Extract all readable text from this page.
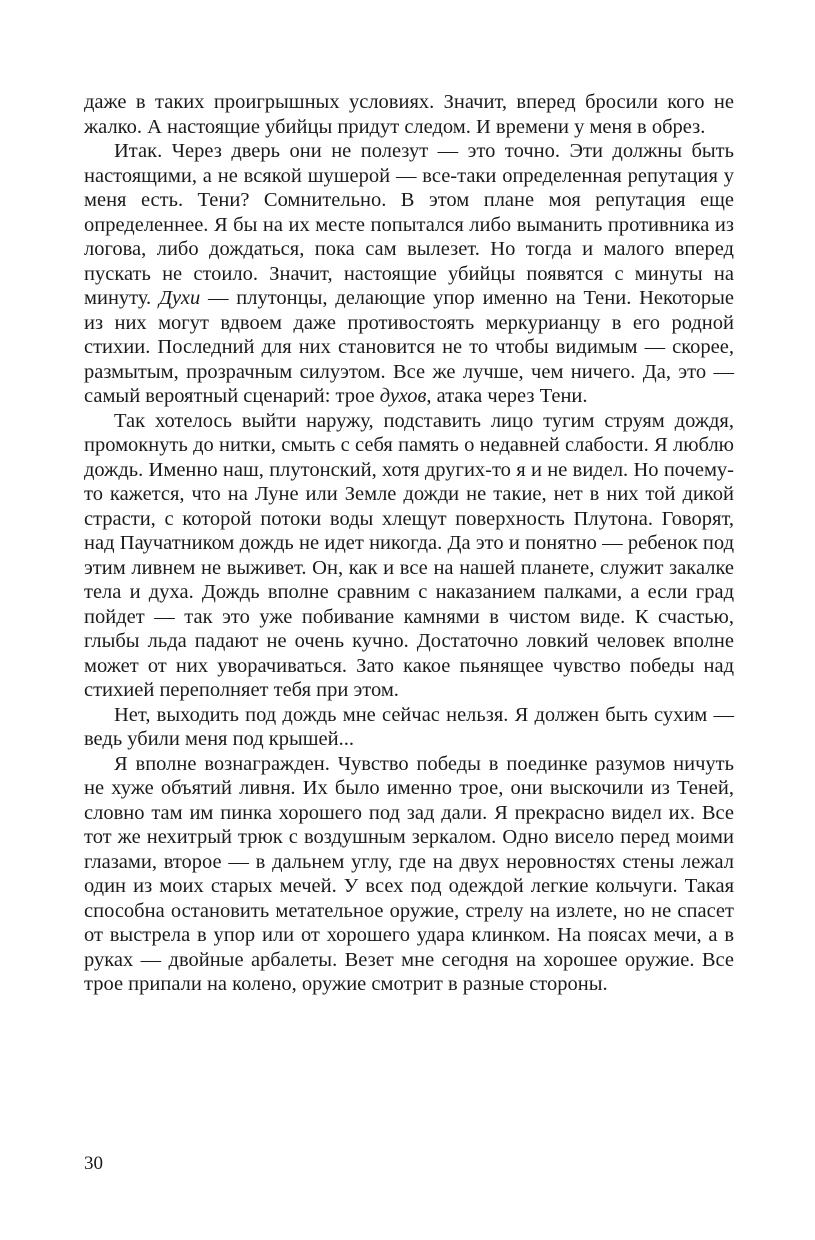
даже в таких проигрышных условиях. Значит, вперед бросили кого не жалко. А настоящие убийцы придут следом. И времени у меня в обрез.

Итак. Через дверь они не полезут — это точно. Эти должны быть настоящими, а не всякой шушерой — все-таки определенная репутация у меня есть. Тени? Сомнительно. В этом плане моя репутация еще определеннее. Я бы на их месте попытался либо выманить противника из логова, либо дождаться, пока сам вылезет. Но тогда и малого вперед пускать не стоило. Значит, настоящие убийцы появятся с минуты на минуту. Духи — плутонцы, делающие упор именно на Тени. Некоторые из них могут вдвоем даже противостоять меркурианцу в его родной стихии. Последний для них становится не то чтобы видимым — скорее, размытым, прозрачным силуэтом. Все же лучше, чем ничего. Да, это — самый вероятный сценарий: трое духов, атака через Тени.

Так хотелось выйти наружу, подставить лицо тугим струям дождя, промокнуть до нитки, смыть с себя память о недавней слабости. Я люблю дождь. Именно наш, плутонский, хотя других-то я и не видел. Но почему-то кажется, что на Луне или Земле дожди не такие, нет в них той дикой страсти, с которой потоки воды хлещут поверхность Плутона. Говорят, над Паучатником дождь не идет никогда. Да это и понятно — ребенок под этим ливнем не выживет. Он, как и все на нашей планете, служит закалке тела и духа. Дождь вполне сравним с наказанием палками, а если град пойдет — так это уже побивание камнями в чистом виде. К счастью, глыбы льда падают не очень кучно. Достаточно ловкий человек вполне может от них уворачиваться. Зато какое пьянящее чувство победы над стихией переполняет тебя при этом.

Нет, выходить под дождь мне сейчас нельзя. Я должен быть сухим — ведь убили меня под крышей...

Я вполне вознагражден. Чувство победы в поединке разумов ничуть не хуже объятий ливня. Их было именно трое, они выскочили из Теней, словно там им пинка хорошего под зад дали. Я прекрасно видел их. Все тот же нехитрый трюк с воздушным зеркалом. Одно висело перед моими глазами, второе — в дальнем углу, где на двух неровностях стены лежал один из моих старых мечей. У всех под одеждой легкие кольчуги. Такая способна остановить метательное оружие, стрелу на излете, но не спасет от выстрела в упор или от хорошего удара клинком. На поясах мечи, а в руках — двойные арбалеты. Везет мне сегодня на хорошее оружие. Все трое припали на колено, оружие смотрит в разные стороны.

30
